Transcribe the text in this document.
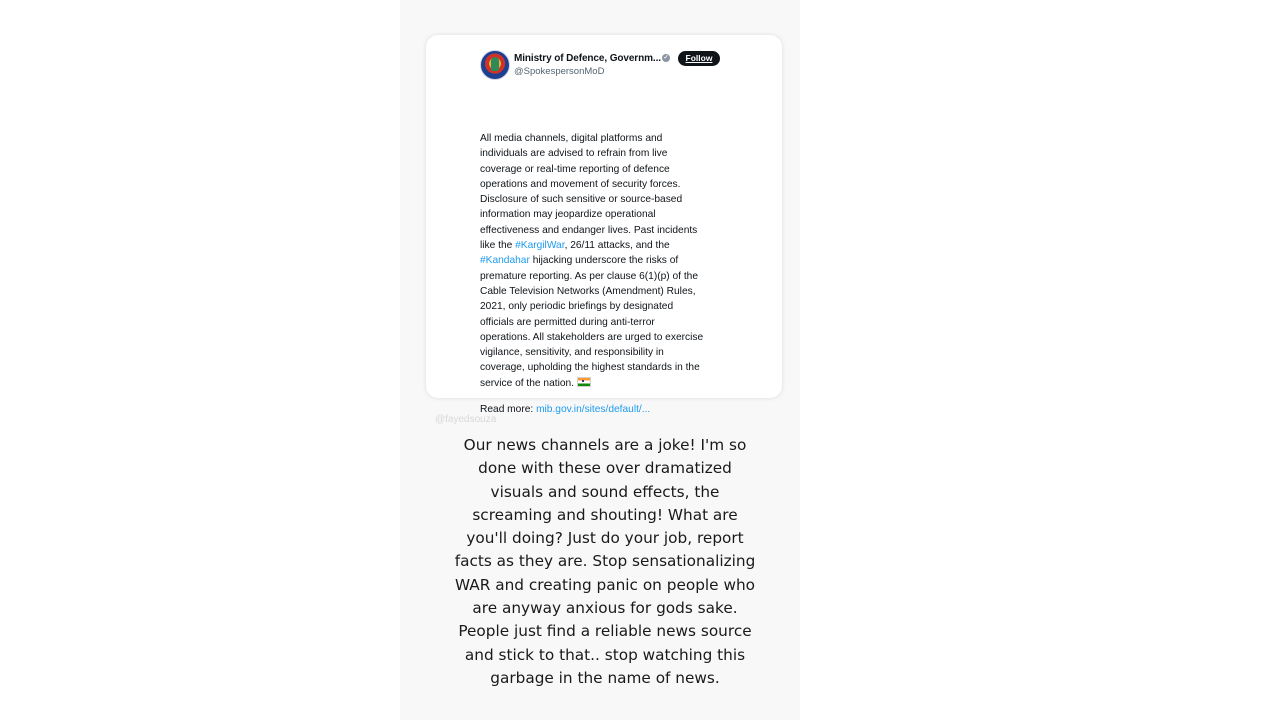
Ministry of Defence, Governm... ✓	Follow
@SpokespersonMoD

All media channels, digital platforms and

individuals are advised to refrain from live

coverage or real-time reporting of defence

operations and movement of security forces.

Disclosure of such sensitive or source-based

information may jeopardize operational

effectiveness and endanger lives. Past incidents

like the #KargilWar, 26/11 attacks, and the

#Kandahar hijacking underscore the risks of

premature reporting. As per clause 6(1)(p) of the

Cable Television Networks (Amendment) Rules,

2021, only periodic briefings by designated

officials are permitted during anti-terror

operations. All stakeholders are urged to exercise

vigilance, sensitivity, and responsibility in

coverage, upholding the highest standards in the

service of the nation.

Read more: mib.gov.in/sites/default/...
@fayedsouza
Our news channels are a joke! I'm so
done with these over dramatized
visuals and sound effects, the
screaming and shouting! What are
you'll doing? Just do your job, report
facts as they are. Stop sensationalizing
WAR and creating panic on people who
are anyway anxious for gods sake.
People just find a reliable news source
and stick to that.. stop watching this
garbage in the name of news.
